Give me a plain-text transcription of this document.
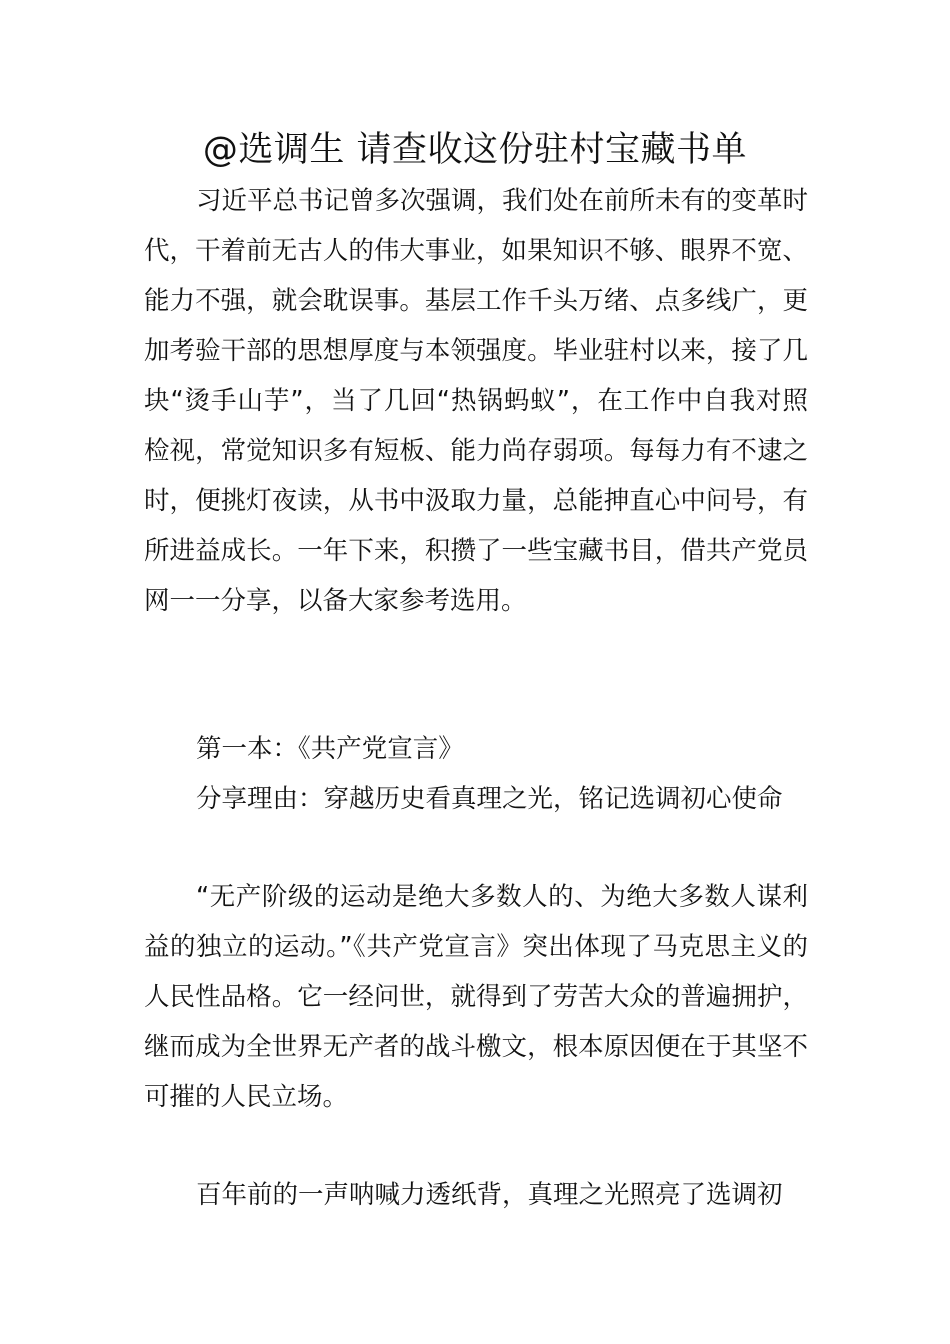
@选调生 请查收这份驻村宝藏书单

习近平总书记曾多次强调，我们处在前所未有的变革时代，干着前无古人的伟大事业，如果知识不够、眼界不宽、能力不强，就会耽误事。基层工作千头万绪、点多线广，更加考验干部的思想厚度与本领强度。毕业驻村以来，接了几块“烫手山芋”，当了几回“热锅蚂蚁”，在工作中自我对照检视，常觉知识多有短板、能力尚存弱项。每每力有不逮之时，便挑灯夜读，从书中汲取力量，总能抻直心中问号，有所进益成长。一年下来，积攒了一些宝藏书目，借共产党员网一一分享，以备大家参考选用。

第一本：《共产党宣言》

分享理由：穿越历史看真理之光，铭记选调初心使命

“无产阶级的运动是绝大多数人的、为绝大多数人谋利益的独立的运动。”《共产党宣言》突出体现了马克思主义的人民性品格。它一经问世，就得到了劳苦大众的普遍拥护，继而成为全世界无产者的战斗檄文，根本原因便在于其坚不可摧的人民立场。

百年前的一声呐喊力透纸背，真理之光照亮了选调初
